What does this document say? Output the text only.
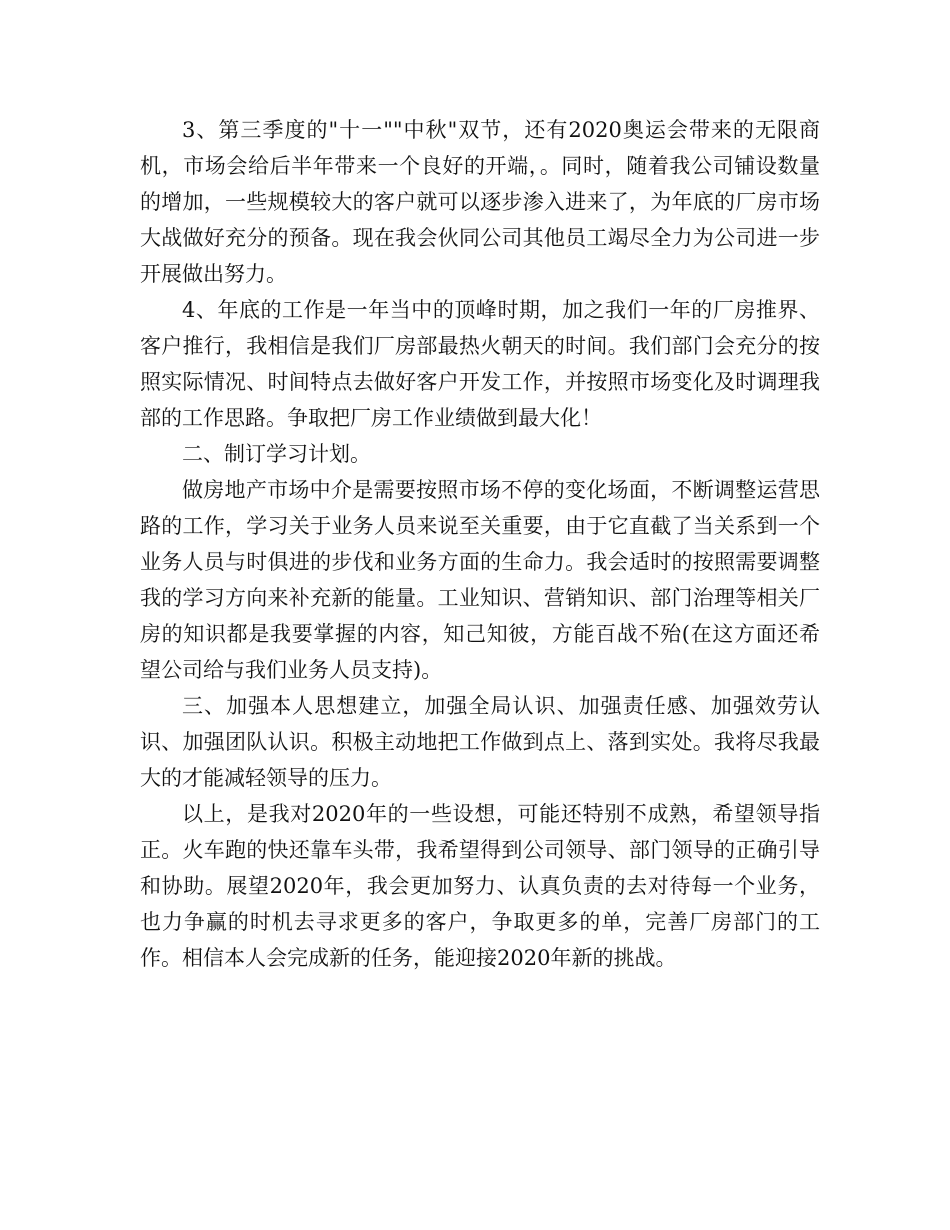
3、第三季度的"十一""中秋"双节，还有2020奥运会带来的无限商机，市场会给后半年带来一个良好的开端，。同时，随着我公司铺设数量的增加，一些规模较大的客户就可以逐步渗入进来了，为年底的厂房市场大战做好充分的预备。现在我会伙同公司其他员工竭尽全力为公司进一步开展做出努力。

4、年底的工作是一年当中的顶峰时期，加之我们一年的厂房推界、客户推行，我相信是我们厂房部最热火朝天的时间。我们部门会充分的按照实际情况、时间特点去做好客户开发工作，并按照市场变化及时调理我部的工作思路。争取把厂房工作业绩做到最大化！

二、制订学习计划。

做房地产市场中介是需要按照市场不停的变化场面，不断调整运营思路的工作，学习关于业务人员来说至关重要，由于它直截了当关系到一个业务人员与时俱进的步伐和业务方面的生命力。我会适时的按照需要调整我的学习方向来补充新的能量。工业知识、营销知识、部门治理等相关厂房的知识都是我要掌握的内容，知己知彼，方能百战不殆(在这方面还希望公司给与我们业务人员支持)。

三、加强本人思想建立，加强全局认识、加强责任感、加强效劳认识、加强团队认识。积极主动地把工作做到点上、落到实处。我将尽我最大的才能减轻领导的压力。

以上，是我对2020年的一些设想，可能还特别不成熟，希望领导指正。火车跑的快还靠车头带，我希望得到公司领导、部门领导的正确引导和协助。展望2020年，我会更加努力、认真负责的去对待每一个业务，也力争赢的时机去寻求更多的客户，争取更多的单，完善厂房部门的工作。相信本人会完成新的任务，能迎接2020年新的挑战。
